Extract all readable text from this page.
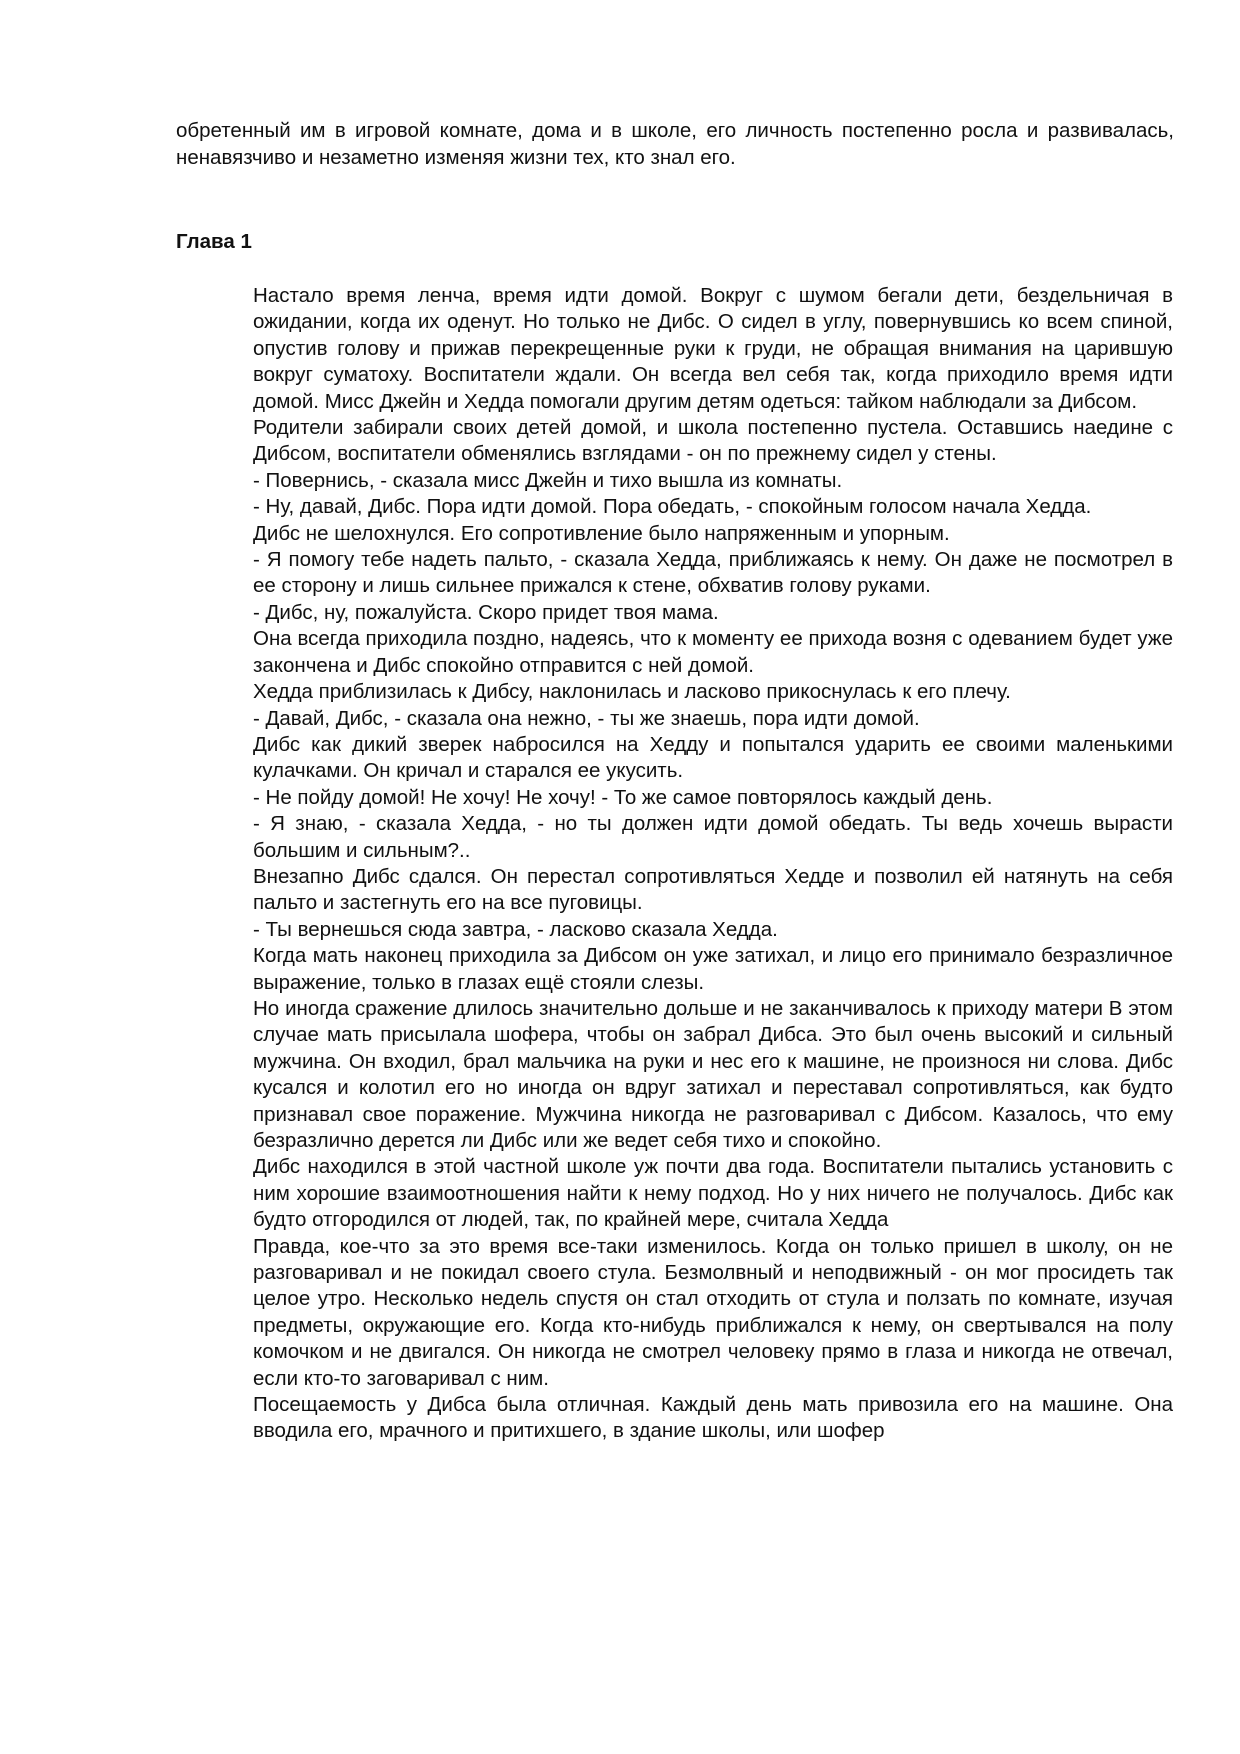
обретенный им в игровой комнате, дома и в школе, его личность постепенно росла и развивалась, ненавязчиво и незаметно изменяя жизни тех, кто знал его.

Глава 1

Настало время ленча, время идти домой. Вокруг с шумом бегали дети, бездельничая в ожидании, когда их оденут. Но только не Дибс. О сидел в углу, повернувшись ко всем спиной, опустив голову и прижав перекрещенные руки к груди, не обращая внимания на царившую вокруг суматоху. Воспитатели ждали. Он всегда вел себя так, когда приходило время идти домой. Мисс Джейн и Хедда помогали другим детям одеться: тайком наблюдали за Дибсом.

Родители забирали своих детей домой, и школа постепенно пустела. Оставшись наедине с Дибсом, воспитатели обменялись взглядами - он по прежнему сидел у стены.

- Повернись, - сказала мисс Джейн и тихо вышла из комнаты.

- Ну, давай, Дибс. Пора идти домой. Пора обедать, - спокойным голосом начала Хедда.

Дибс не шелохнулся. Его сопротивление было напряженным и упорным.

- Я помогу тебе надеть пальто, - сказала Хедда, приближаясь к нему. Он даже не посмотрел в ее сторону и лишь сильнее прижался к стене, обхватив голову руками.

- Дибс, ну, пожалуйста. Скоро придет твоя мама.

Она всегда приходила поздно, надеясь, что к моменту ее прихода возня с одеванием будет уже закончена и Дибс спокойно отправится с ней домой.

Хедда приблизилась к Дибсу, наклонилась и ласково прикоснулась к его плечу.

- Давай, Дибс, - сказала она нежно, - ты же знаешь, пора идти домой.

Дибс как дикий зверек набросился на Хедду и попытался ударить ее своими маленькими кулачками. Он кричал и старался ее укусить.

- Не пойду домой! Не хочу! Не хочу! - То же самое повторялось каждый день.

- Я знаю, - сказала Хедда, - но ты должен идти домой обедать. Ты ведь хочешь вырасти большим и сильным?..

Внезапно Дибс сдался. Он перестал сопротивляться Хедде и позволил ей натянуть на себя пальто и застегнуть его на все пуговицы.

- Ты вернешься сюда завтра, - ласково сказала Хедда.

Когда мать наконец приходила за Дибсом он уже затихал, и лицо его принимало безразличное выражение, только в глазах ещё стояли слезы.

Но иногда сражение длилось значительно дольше и не заканчивалось к приходу матери В этом случае мать присылала шофера, чтобы он забрал Дибса. Это был очень высокий и сильный мужчина. Он входил, брал мальчика на руки и нес его к машине, не произнося ни слова. Дибс кусался и колотил его но иногда он вдруг затихал и переставал сопротивляться, как будто признавал свое поражение. Мужчина никогда не разговаривал с Дибсом. Казалось, что ему безразлично дерется ли Дибс или же ведет себя тихо и спокойно.

Дибс находился в этой частной школе уж почти два года. Воспитатели пытались установить с ним хорошие взаимоотношения найти к нему подход. Но у них ничего не получалось. Дибс как будто отгородился от людей, так, по крайней мере, считала Хедда

Правда, кое-что за это время все-таки изменилось. Когда он только пришел в школу, он не разговаривал и не покидал своего стула. Безмолвный и неподвижный - он мог просидеть так целое утро. Несколько недель спустя он стал отходить от стула и ползать по комнате, изучая предметы, окружающие его. Когда кто-нибудь приближался к нему, он свертывался на полу комочком и не двигался. Он никогда не смотрел человеку прямо в глаза и никогда не отвечал, если кто-то заговаривал с ним.

Посещаемость у Дибса была отличная. Каждый день мать привозила его на машине. Она вводила его, мрачного и притихшего, в здание школы, или шофер
